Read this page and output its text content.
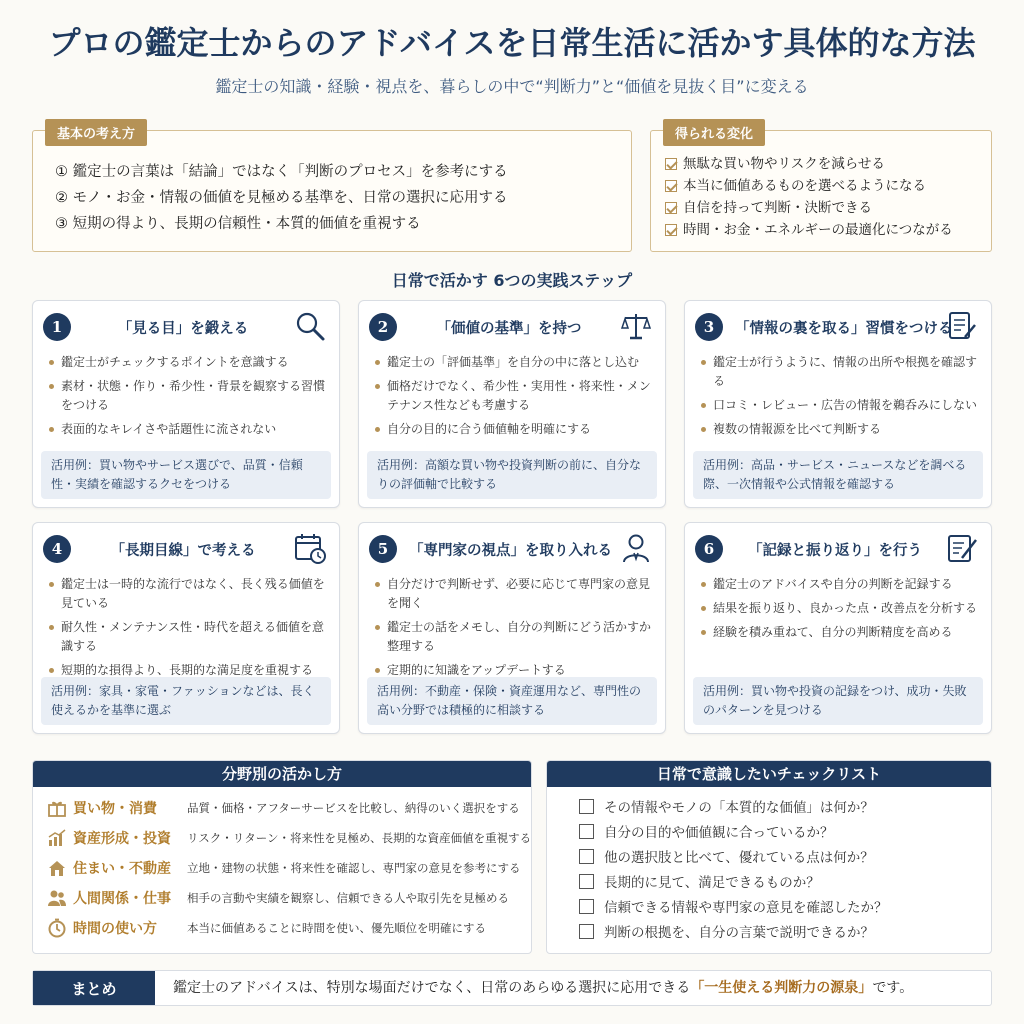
プロの鑑定士からのアドバイスを日常生活に活かす具体的な方法
鑑定士の知識・経験・視点を、暮らしの中で“判断力”と“価値を見抜く目”に変える
基本の考え方
① 鑑定士の言葉は「結論」ではなく「判断のプロセス」を参考にする
② モノ・お金・情報の価値を見極める基準を、日常の選択に応用する
③ 短期の得より、長期の信頼性・本質的価値を重視する
得られる変化
無駄な買い物やリスクを減らせる
本当に価値あるものを選べるようになる
自信を持って判断・決断できる
時間・お金・エネルギーの最適化につながる
日常で活かす 6つの実践ステップ
1	「見る目」を鍛える
鑑定士がチェックするポイントを意識する
素材・状態・作り・希少性・背景を観察する習慣をつける
表面的なキレイさや話題性に流されない
活用例：買い物やサービス選びで、品質・信頼性・実績を確認するクセをつける
2	「価値の基準」を持つ
鑑定士の「評価基準」を自分の中に落とし込む
価格だけでなく、希少性・実用性・将来性・メンテナンス性なども考慮する
自分の目的に合う価値軸を明確にする
活用例：高額な買い物や投資判断の前に、自分なりの評価軸で比較する
3	「情報の裏を取る」習慣をつける
鑑定士が行うように、情報の出所や根拠を確認する
口コミ・レビュー・広告の情報を鵜呑みにしない
複数の情報源を比べて判断する
活用例：高品・サービス・ニュースなどを調べる際、一次情報や公式情報を確認する
4	「長期目線」で考える
鑑定士は一時的な流行ではなく、長く残る価値を見ている
耐久性・メンテナンス性・時代を超える価値を意識する
短期的な損得より、長期的な満足度を重視する
活用例：家具・家電・ファッションなどは、長く使えるかを基準に選ぶ
5	「専門家の視点」を取り入れる
自分だけで判断せず、必要に応じて専門家の意見を聞く
鑑定士の話をメモし、自分の判断にどう活かすか整理する
定期的に知識をアップデートする
活用例：不動産・保険・資産運用など、専門性の高い分野では積極的に相談する
6	「記録と振り返り」を行う
鑑定士のアドバイスや自分の判断を記録する
結果を振り返り、良かった点・改善点を分析する
経験を積み重ねて、自分の判断精度を高める
活用例：買い物や投資の記録をつけ、成功・失敗のパターンを見つける
分野別の活かし方
買い物・消費	品質・価格・アフターサービスを比較し、納得のいく選択をする
資産形成・投資	リスク・リターン・将来性を見極め、長期的な資産価値を重視する
住まい・不動産	立地・建物の状態・将来性を確認し、専門家の意見を参考にする
人間関係・仕事	相手の言動や実績を観察し、信頼できる人や取引先を見極める
時間の使い方	本当に価値あることに時間を使い、優先順位を明確にする
日常で意識したいチェックリスト
その情報やモノの「本質的な価値」は何か？
自分の目的や価値観に合っているか？
他の選択肢と比べて、優れている点は何か？
長期的に見て、満足できるものか？
信頼できる情報や専門家の意見を確認したか？
判断の根拠を、自分の言葉で説明できるか？
まとめ	鑑定士のアドバイスは、特別な場面だけでなく、日常のあらゆる選択に応用できる「一生使える判断力の源泉」です。
